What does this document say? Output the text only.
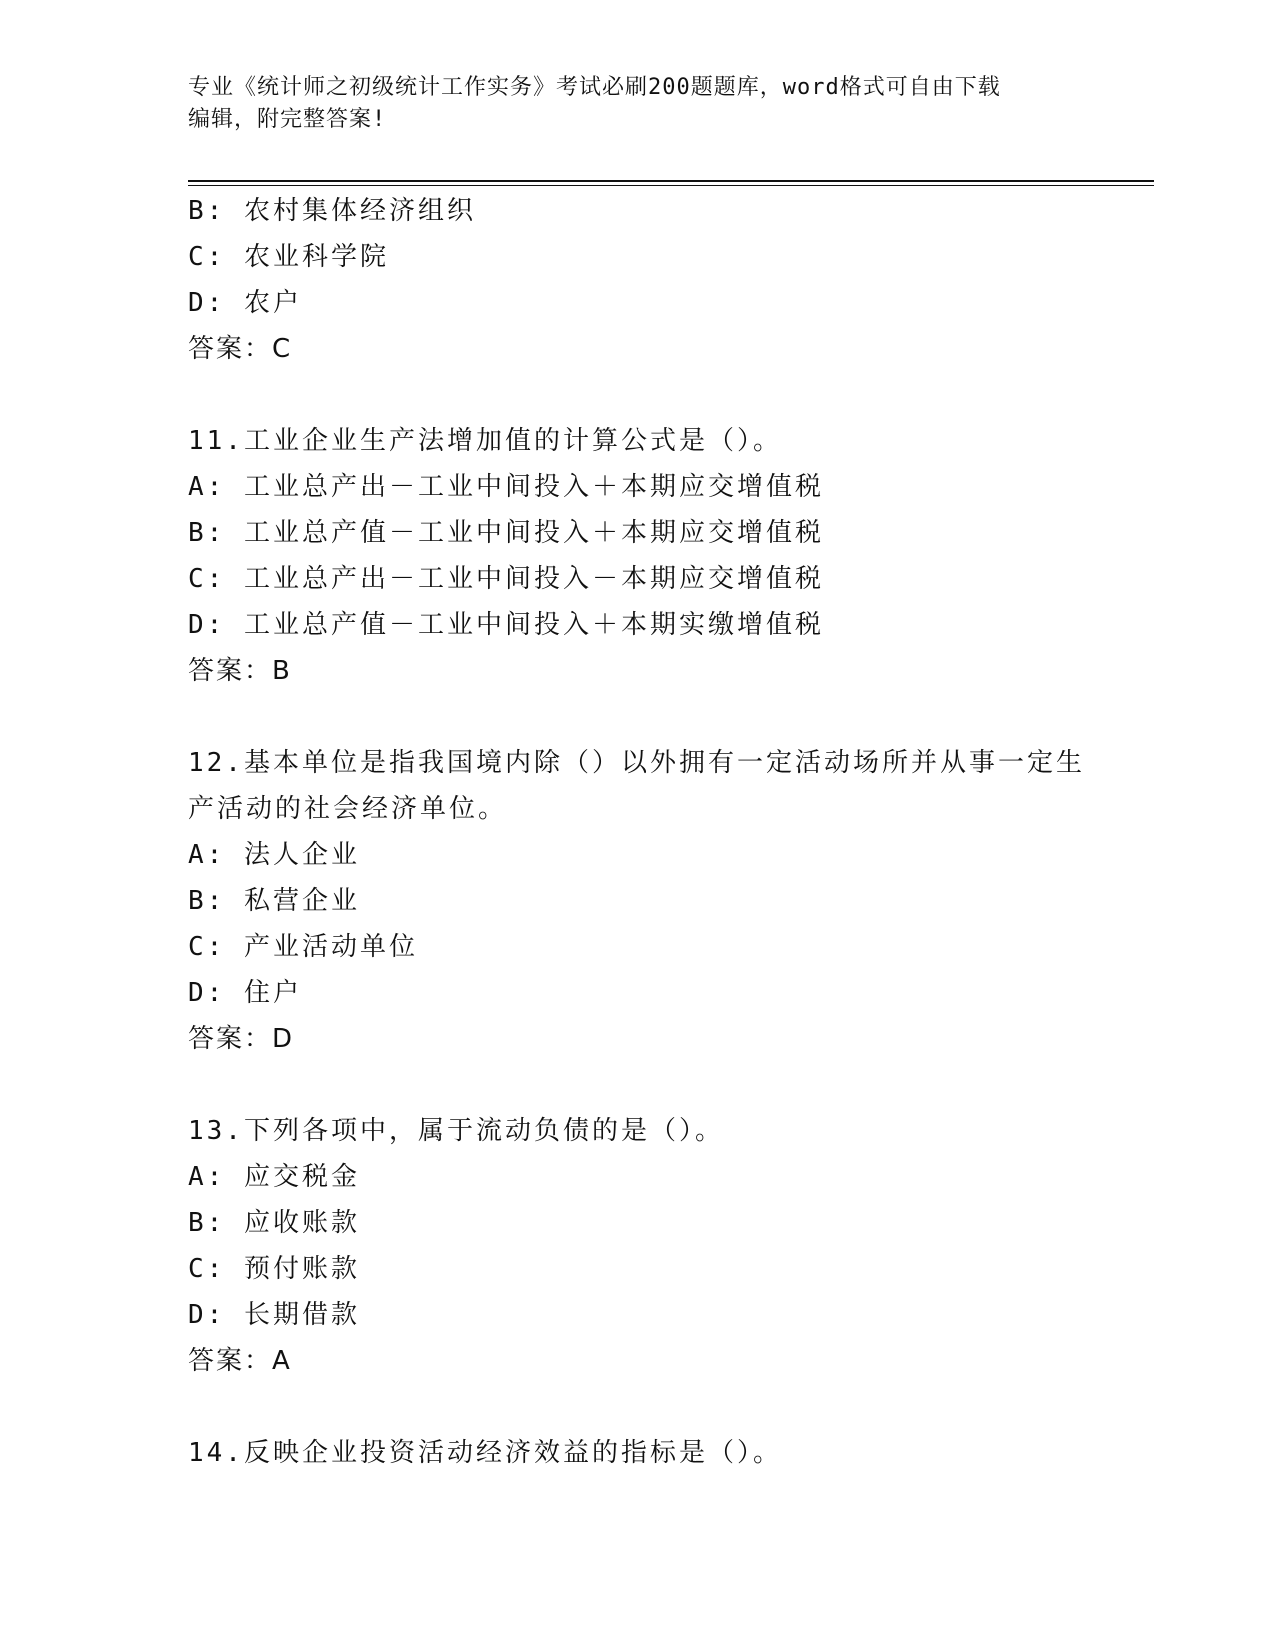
专业《统计师之初级统计工作实务》考试必刷200题题库，word格式可自由下载
编辑，附完整答案!
B: 农村集体经济组织
C: 农业科学院
D: 农户
答案：C
11.工业企业生产法增加值的计算公式是（）。
A: 工业总产出－工业中间投入＋本期应交增值税
B: 工业总产值－工业中间投入＋本期应交增值税
C: 工业总产出－工业中间投入－本期应交增值税
D: 工业总产值－工业中间投入＋本期实缴增值税
答案：B
12.基本单位是指我国境内除（）以外拥有一定活动场所并从事一定生
产活动的社会经济单位。
A: 法人企业
B: 私营企业
C: 产业活动单位
D: 住户
答案：D
13.下列各项中，属于流动负债的是（）。
A: 应交税金
B: 应收账款
C: 预付账款
D: 长期借款
答案：A
14.反映企业投资活动经济效益的指标是（）。
